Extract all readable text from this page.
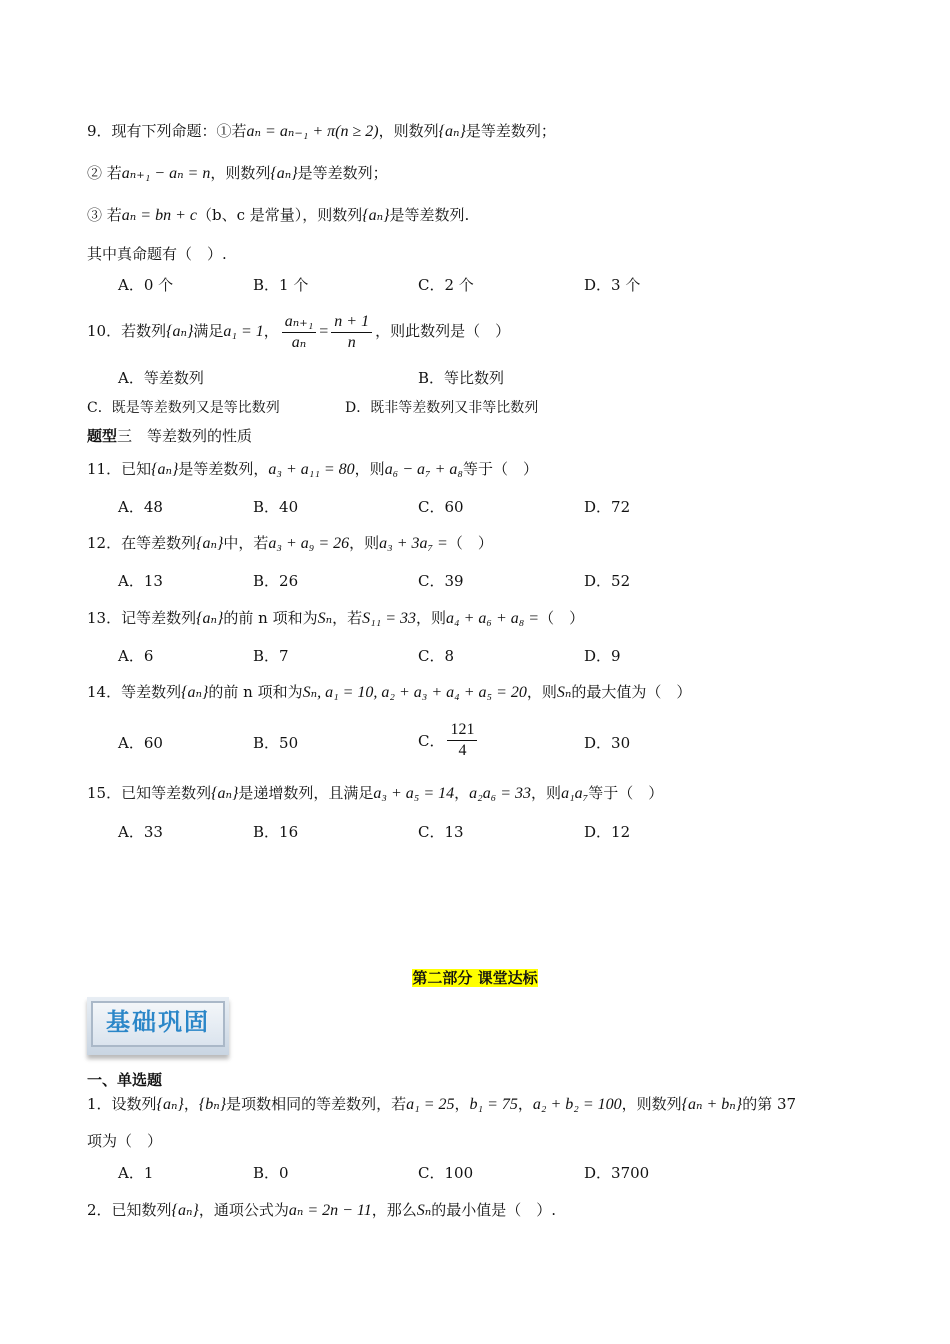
9．现有下列命题：①若aₙ = aₙ₋₁ + π(n ≥ 2)，则数列{aₙ}是等差数列；
② 若aₙ₊₁ − aₙ = n，则数列{aₙ}是等差数列；
③ 若aₙ = bn + c（b、c 是常量），则数列{aₙ}是等差数列.
其中真命题有（　）.
A．0 个	B．1 个	C．2 个	D．3 个
10．若数列{aₙ}满足a₁ = 1， $\frac{\text{aₙ₊₁}}{\text{aₙ}} = \frac{n + 1}{n}$ ，则此数列是（　）
A．等差数列	B．等比数列
C．既是等差数列又是等比数列	D．既非等差数列又非等比数列
题型三　等差数列的性质
11．已知{aₙ}是等差数列，a₃ + a₁₁ = 80，则a₆ − a₇ + a₈等于（　）
A．48	B．40	C．60	D．72
12．在等差数列{aₙ}中，若a₃ + a₉ = 26，则a₃ + 3a₇ =（　）
A．13	B．26	C．39	D．52
13．记等差数列{aₙ}的前 n 项和为Sₙ，若S₁₁ = 33，则a₄ + a₆ + a₈ =（　）
A．6	B．7	C．8	D．9
14．等差数列{aₙ}的前 n 项和为Sₙ, a₁ = 10, a₂ + a₃ + a₄ + a₅ = 20，则Sₙ的最大值为（　）
A．60	B．50	C． $\frac{121}{4}$	D．30
15．已知等差数列{aₙ}是递增数列，且满足a₃ + a₅ = 14，a₂a₆ = 33，则a₁a₇等于（　）
A．33	B．16	C．13	D．12
第二部分 课堂达标
基础巩固
一、单选题
1．设数列{aₙ}，{bₙ}是项数相同的等差数列，若a₁ = 25，b₁ = 75，a₂ + b₂ = 100，则数列{aₙ + bₙ}的第 37
项为（　）
A．1	B．0	C．100	D．3700
2．已知数列{aₙ}，通项公式为aₙ = 2n − 11，那么Sₙ的最小值是（　）.
